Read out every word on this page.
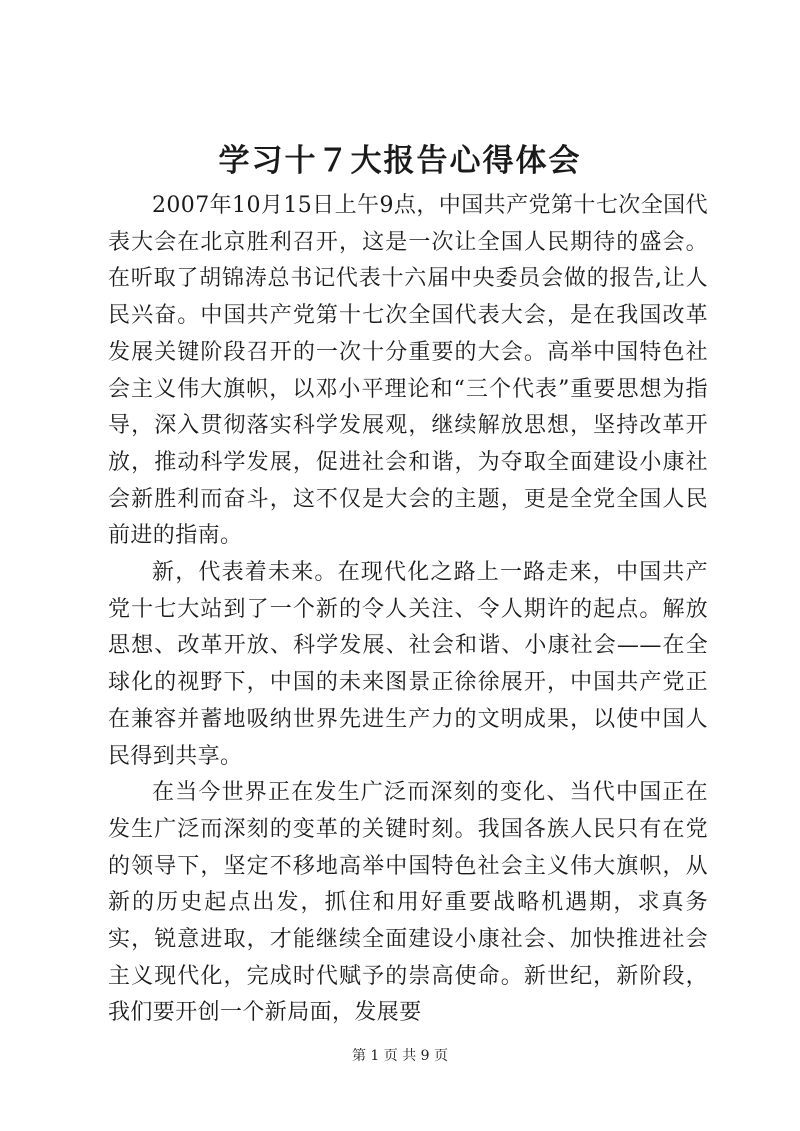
学习十７大报告心得体会

2007年10月15日上午9点，中国共产党第十七次全国代表大会在北京胜利召开，这是一次让全国人民期待的盛会。在听取了胡锦涛总书记代表十六届中央委员会做的报告,让人民兴奋。中国共产党第十七次全国代表大会，是在我国改革发展关键阶段召开的一次十分重要的大会。高举中国特色社会主义伟大旗帜，以邓小平理论和“三个代表”重要思想为指导，深入贯彻落实科学发展观，继续解放思想，坚持改革开放，推动科学发展，促进社会和谐，为夺取全面建设小康社会新胜利而奋斗，这不仅是大会的主题，更是全党全国人民前进的指南。

新，代表着未来。在现代化之路上一路走来，中国共产党十七大站到了一个新的令人关注、令人期许的起点。解放思想、改革开放、科学发展、社会和谐、小康社会——在全球化的视野下，中国的未来图景正徐徐展开，中国共产党正在兼容并蓄地吸纳世界先进生产力的文明成果，以使中国人民得到共享。

在当今世界正在发生广泛而深刻的变化、当代中国正在发生广泛而深刻的变革的关键时刻。我国各族人民只有在党的领导下，坚定不移地高举中国特色社会主义伟大旗帜，从新的历史起点出发，抓住和用好重要战略机遇期，求真务实，锐意进取，才能继续全面建设小康社会、加快推进社会主义现代化，完成时代赋予的崇高使命。新世纪，新阶段，我们要开创一个新局面，发展要

第 1 页 共 9 页
